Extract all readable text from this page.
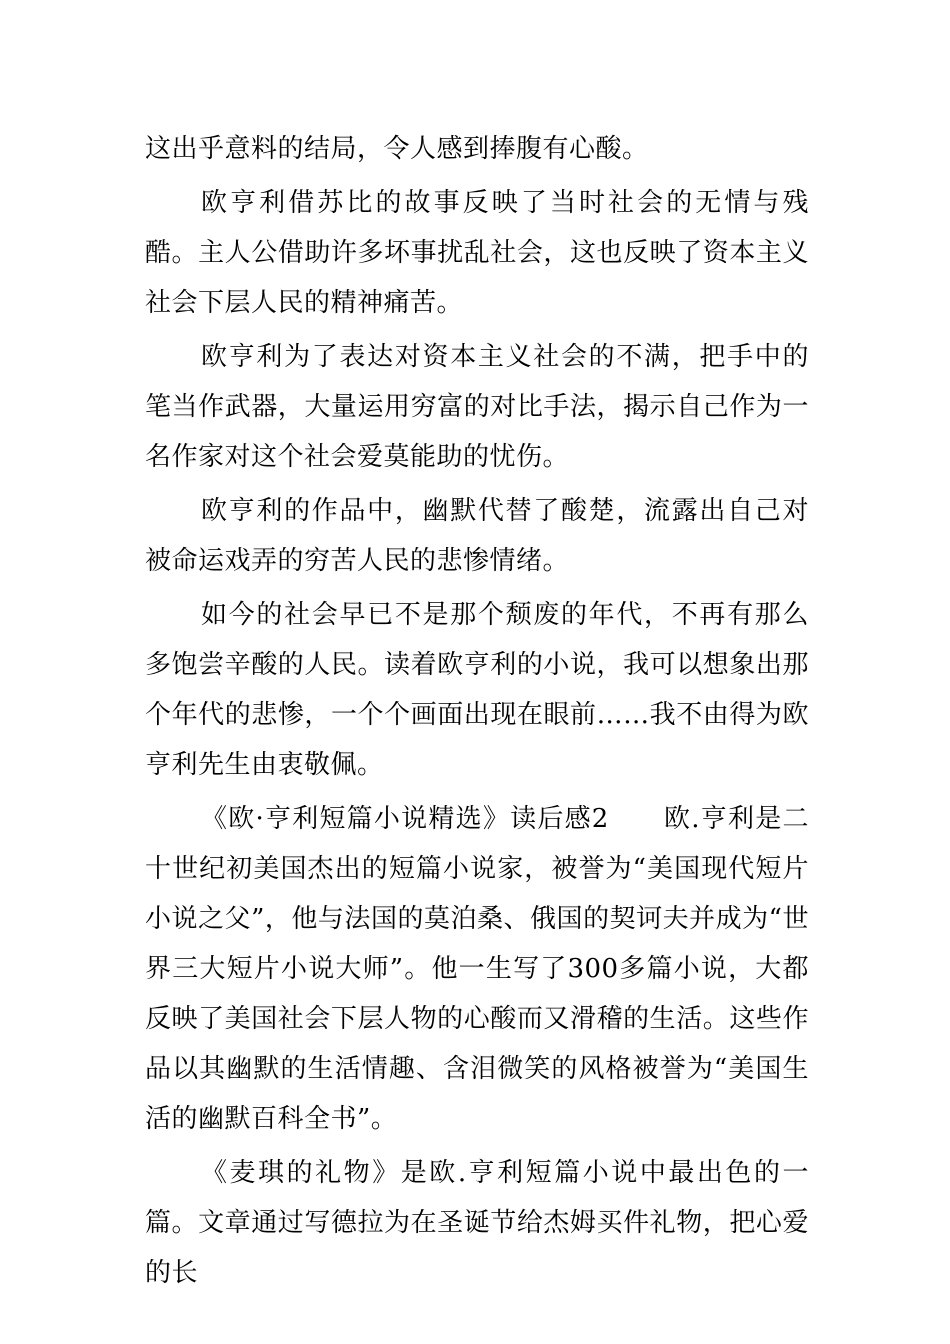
这出乎意料的结局，令人感到捧腹有心酸。

欧亨利借苏比的故事反映了当时社会的无情与残酷。主人公借助许多坏事扰乱社会，这也反映了资本主义社会下层人民的精神痛苦。

欧亨利为了表达对资本主义社会的不满，把手中的笔当作武器，大量运用穷富的对比手法，揭示自己作为一名作家对这个社会爱莫能助的忧伤。

欧亨利的作品中，幽默代替了酸楚，流露出自己对被命运戏弄的穷苦人民的悲惨情绪。

如今的社会早已不是那个颓废的年代，不再有那么多饱尝辛酸的人民。读着欧亨利的小说，我可以想象出那个年代的悲惨，一个个画面出现在眼前……我不由得为欧亨利先生由衷敬佩。

《欧·亨利短篇小说精选》读后感2　　欧.亨利是二十世纪初美国杰出的短篇小说家，被誉为“美国现代短片小说之父”，他与法国的莫泊桑、俄国的契诃夫并成为“世界三大短片小说大师”。他一生写了300多篇小说，大都反映了美国社会下层人物的心酸而又滑稽的生活。这些作品以其幽默的生活情趣、含泪微笑的风格被誉为“美国生活的幽默百科全书”。

《麦琪的礼物》是欧.亨利短篇小说中最出色的一篇。文章通过写德拉为在圣诞节给杰姆买件礼物，把心爱的长
